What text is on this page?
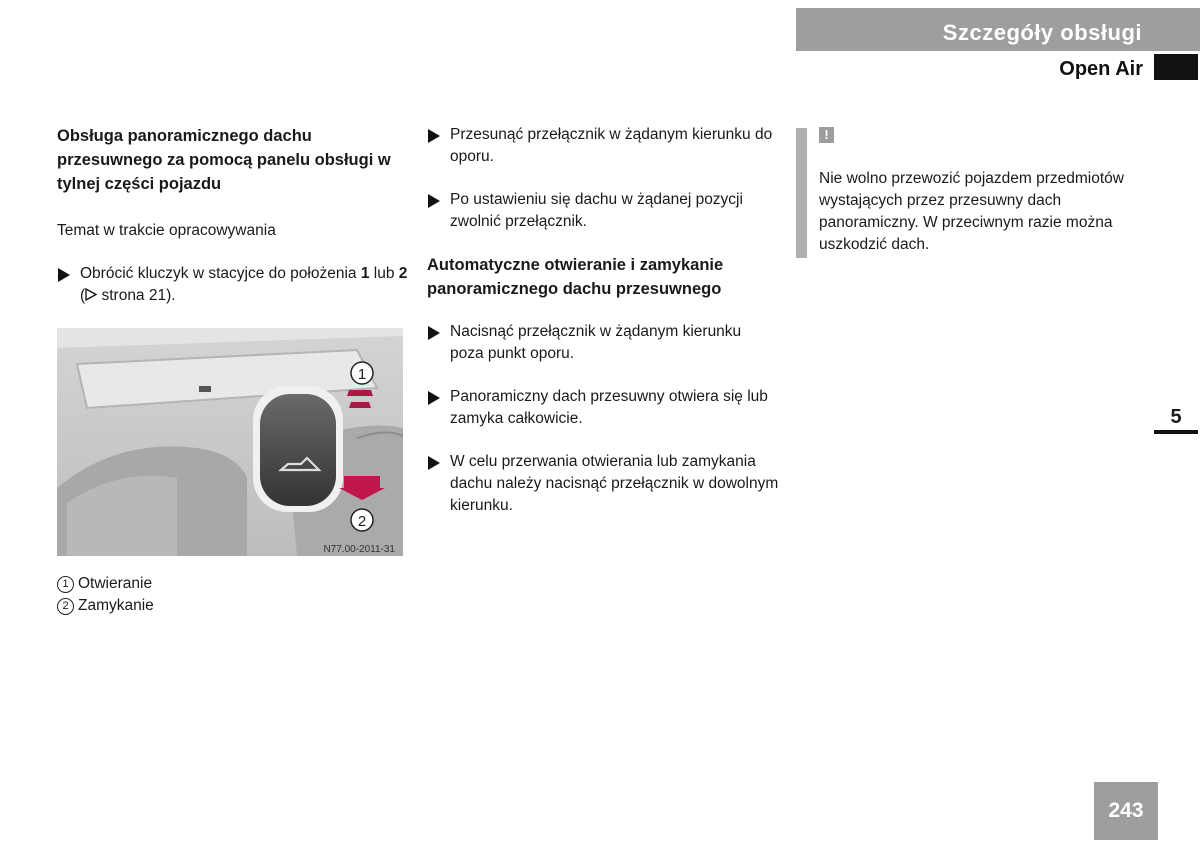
Szczegóły obsługi
Open Air

Obsługa panoramicznego dachu przesuwnego za pomocą panelu obsługi w tylnej części pojazdu

Temat w trakcie opracowywania

Obrócić kluczyk w stacyjce do położenia 1 lub 2 ( strona 21).
1
2
N77.00-2011-31
1 Otwieranie
2 Zamykanie
Przesunąć przełącznik w żądanym kierunku do oporu.
Po ustawieniu się dachu w żądanej pozycji zwolnić przełącznik.

Automatyczne otwieranie i zamykanie panoramicznego dachu przesuwnego

Nacisnąć przełącznik w żądanym kierunku poza punkt oporu.
Panoramiczny dach przesuwny otwiera się lub zamyka całkowicie.
W celu przerwania otwierania lub zamykania dachu należy nacisnąć przełącznik w dowolnym kierunku.
!
Nie wolno przewozić pojazdem przedmiotów wystających przez przesuwny dach panoramiczny. W przeciwnym razie można uszkodzić dach.
5
243
